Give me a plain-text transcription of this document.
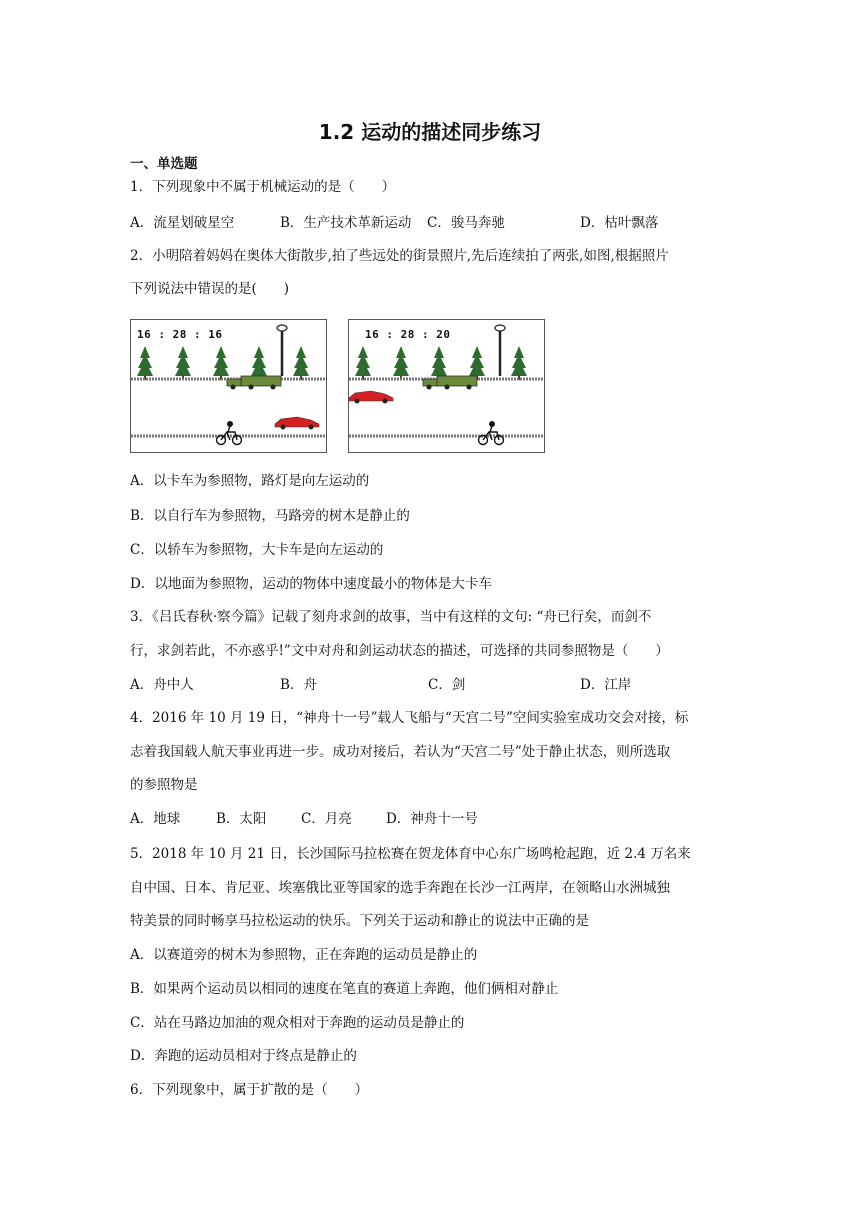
1.2 运动的描述同步练习
一、单选题
1．下列现象中不属于机械运动的是（　　）
A．流星划破星空	B．生产技术革新运动 C．骏马奔驰	D．枯叶飘落
2．小明陪着妈妈在奥体大街散步,拍了些远处的街景照片,先后连续拍了两张,如图,根据照片
下列说法中错误的是(　　)
16 : 28 : 16	16 : 28 : 20
A．以卡车为参照物，路灯是向左运动的
B．以自行车为参照物，马路旁的树木是静止的
C．以轿车为参照物，大卡车是向左运动的
D．以地面为参照物，运动的物体中速度最小的物体是大卡车
3．《吕氏春秋·察今篇》记载了刻舟求剑的故事，当中有这样的文句: “舟已行矣，而剑不
行，求剑若此，不亦惑乎!”文中对舟和剑运动状态的描述，可选择的共同参照物是（　　）
A．舟中人	B．舟	C．剑	D．江岸
4．2016 年 10 月 19 日，“神舟十一号”载人飞船与“天宫二号”空间实验室成功交会对接，标
志着我国载人航天事业再进一步。成功对接后，若认为“天宫二号”处于静止状态，则所选取
的参照物是
A．地球	B．太阳	C．月亮	D．神舟十一号
5．2018 年 10 月 21 日，长沙国际马拉松赛在贺龙体育中心东广场鸣枪起跑，近 2.4 万名来
自中国、日本、肯尼亚、埃塞俄比亚等国家的选手奔跑在长沙一江两岸，在领略山水洲城独
特美景的同时畅享马拉松运动的快乐。下列关于运动和静止的说法中正确的是
A．以赛道旁的树木为参照物，正在奔跑的运动员是静止的
B．如果两个运动员以相同的速度在笔直的赛道上奔跑，他们俩相对静止
C．站在马路边加油的观众相对于奔跑的运动员是静止的
D．奔跑的运动员相对于终点是静止的
6．下列现象中，属于扩散的是（　　）
